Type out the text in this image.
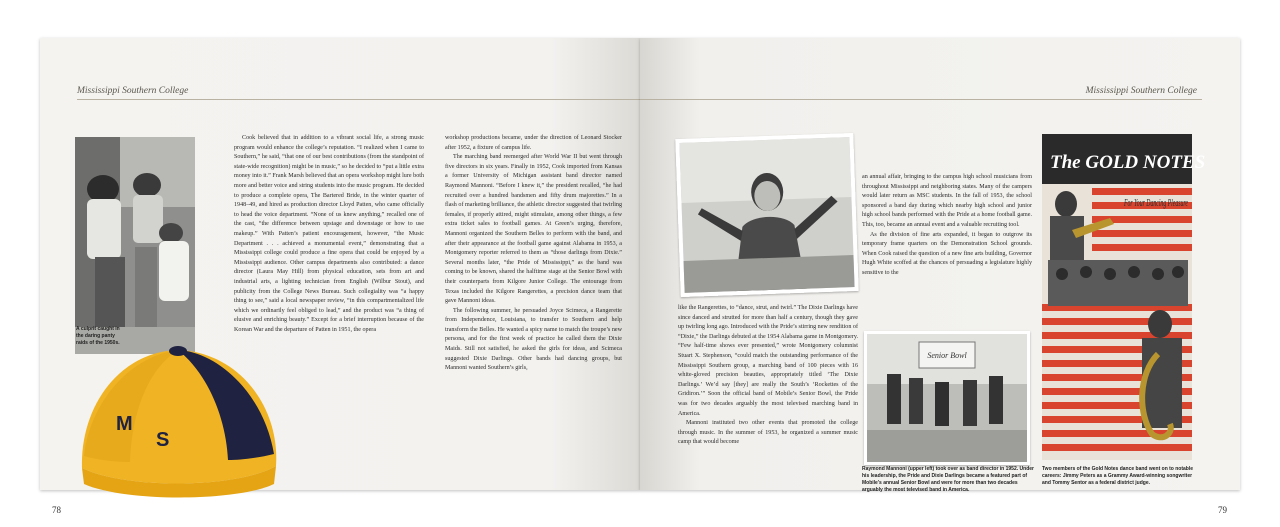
Mississippi Southern College
A culprit caught in the daring panty raids of the 1950s.
M
S C

Cook believed that in addition to a vibrant social life, a strong music program would enhance the college’s reputation. “I realized when I came to Southern,” he said, “that one of our best contributions (from the standpoint of state-wide recognition) might be in music,” so he decided to “put a little extra money into it.” Frank Marsh believed that an opera workshop might lure both more and better voice and string students into the music program. He decided to produce a complete opera, The Bartered Bride, in the winter quarter of 1948–49, and hired as production director Lloyd Patten, who came officially to head the voice department. “None of us knew anything,” recalled one of the cast, “the difference between upstage and downstage or how to use makeup.” With Patten’s patient encouragement, however, “the Music Department . . . achieved a monumental event,” demonstrating that a Mississippi college could produce a fine opera that could be enjoyed by a Mississippi audience. Other campus departments also contributed: a dance director (Laura May Hill) from physical education, sets from art and industrial arts, a lighting technician from English (Wilbur Stout), and publicity from the College News Bureau. Such collegiality was “a happy thing to see,” said a local newspaper review, “in this compartmentalized life which we ordinarily feel obliged to lead,” and the product was “a thing of elusive and enriching beauty.” Except for a brief interruption because of the Korean War and the departure of Patten in 1951, the opera

workshop productions became, under the direction of Leonard Stocker after 1952, a fixture of campus life.

The marching band reemerged after World War II but went through five directors in six years. Finally in 1952, Cook imported from Kansas a former University of Michigan assistant band director named Raymond Mannoni. “Before I knew it,” the president recalled, “he had recruited over a hundred bandsmen and fifty drum majorettes.” In a flash of marketing brilliance, the athletic director suggested that twirling females, if properly attired, might stimulate, among other things, a few extra ticket sales to football games. At Green’s urging, therefore, Mannoni organized the Southern Belles to perform with the band, and after their appearance at the football game against Alabama in 1953, a Montgomery reporter referred to them as “those darlings from Dixie.” Several months later, “the Pride of Mississippi,” as the band was coming to be known, shared the halftime stage at the Senior Bowl with their counterparts from Kilgore Junior College. The entourage from Texas included the Kilgore Rangerettes, a precision dance team that gave Mannoni ideas.

The following summer, he persuaded Joyce Scimeca, a Rangerette from Independence, Louisiana, to transfer to Southern and help transform the Belles. He wanted a spicy name to match the troupe’s new persona, and for the first week of practice he called them the Dixie Maids. Still not satisfied, he asked the girls for ideas, and Scimeca suggested Dixie Darlings. Other bands had dancing groups, but Mannoni wanted Southern’s girls,

78
Mississippi Southern College

like the Rangerettes, to “dance, strut, and twirl.” The Dixie Darlings have since danced and strutted for more than half a century, though they gave up twirling long ago. Introduced with the Pride’s stirring new rendition of “Dixie,” the Darlings debuted at the 1954 Alabama game in Montgomery. “Few half-time shows ever presented,” wrote Montgomery columnist Stuart X. Stephenson, “could match the outstanding performance of the Mississippi Southern group, a marching band of 100 pieces with 16 white-gloved precision beauties, appropriately titled ‘The Dixie Darlings.’ We’d say [they] are really the South’s ‘Rockettes of the Gridiron.’” Soon the official band of Mobile’s Senior Bowl, the Pride was for two decades arguably the most televised marching band in America.

Mannoni instituted two other events that promoted the college through music. In the summer of 1953, he organized a summer music camp that would become

an annual affair, bringing to the campus high school musicians from throughout Mississippi and neighboring states. Many of the campers would later return as MSC students. In the fall of 1953, the school sponsored a band day during which nearby high school and junior high school bands performed with the Pride at a home football game. This, too, became an annual event and a valuable recruiting tool.

As the division of fine arts expanded, it began to outgrow its temporary frame quarters on the Demonstration School grounds. When Cook raised the question of a new fine arts building, Governor Hugh White scoffed at the chances of persuading a legislature highly sensitive to the

Senior Bowl
Raymond Mannoni (upper left) took over as band director in 1952. Under his leadership, the Pride and Dixie Darlings became a featured part of Mobile’s annual Senior Bowl and were for more than two decades arguably the most televised band in America.
The GOLD NOTES
For Your Dancing Pleasure
Two members of the Gold Notes dance band went on to notable careers: Jimmy Peters as a Grammy Award-winning songwriter and Tommy Sentor as a federal district judge.
79
